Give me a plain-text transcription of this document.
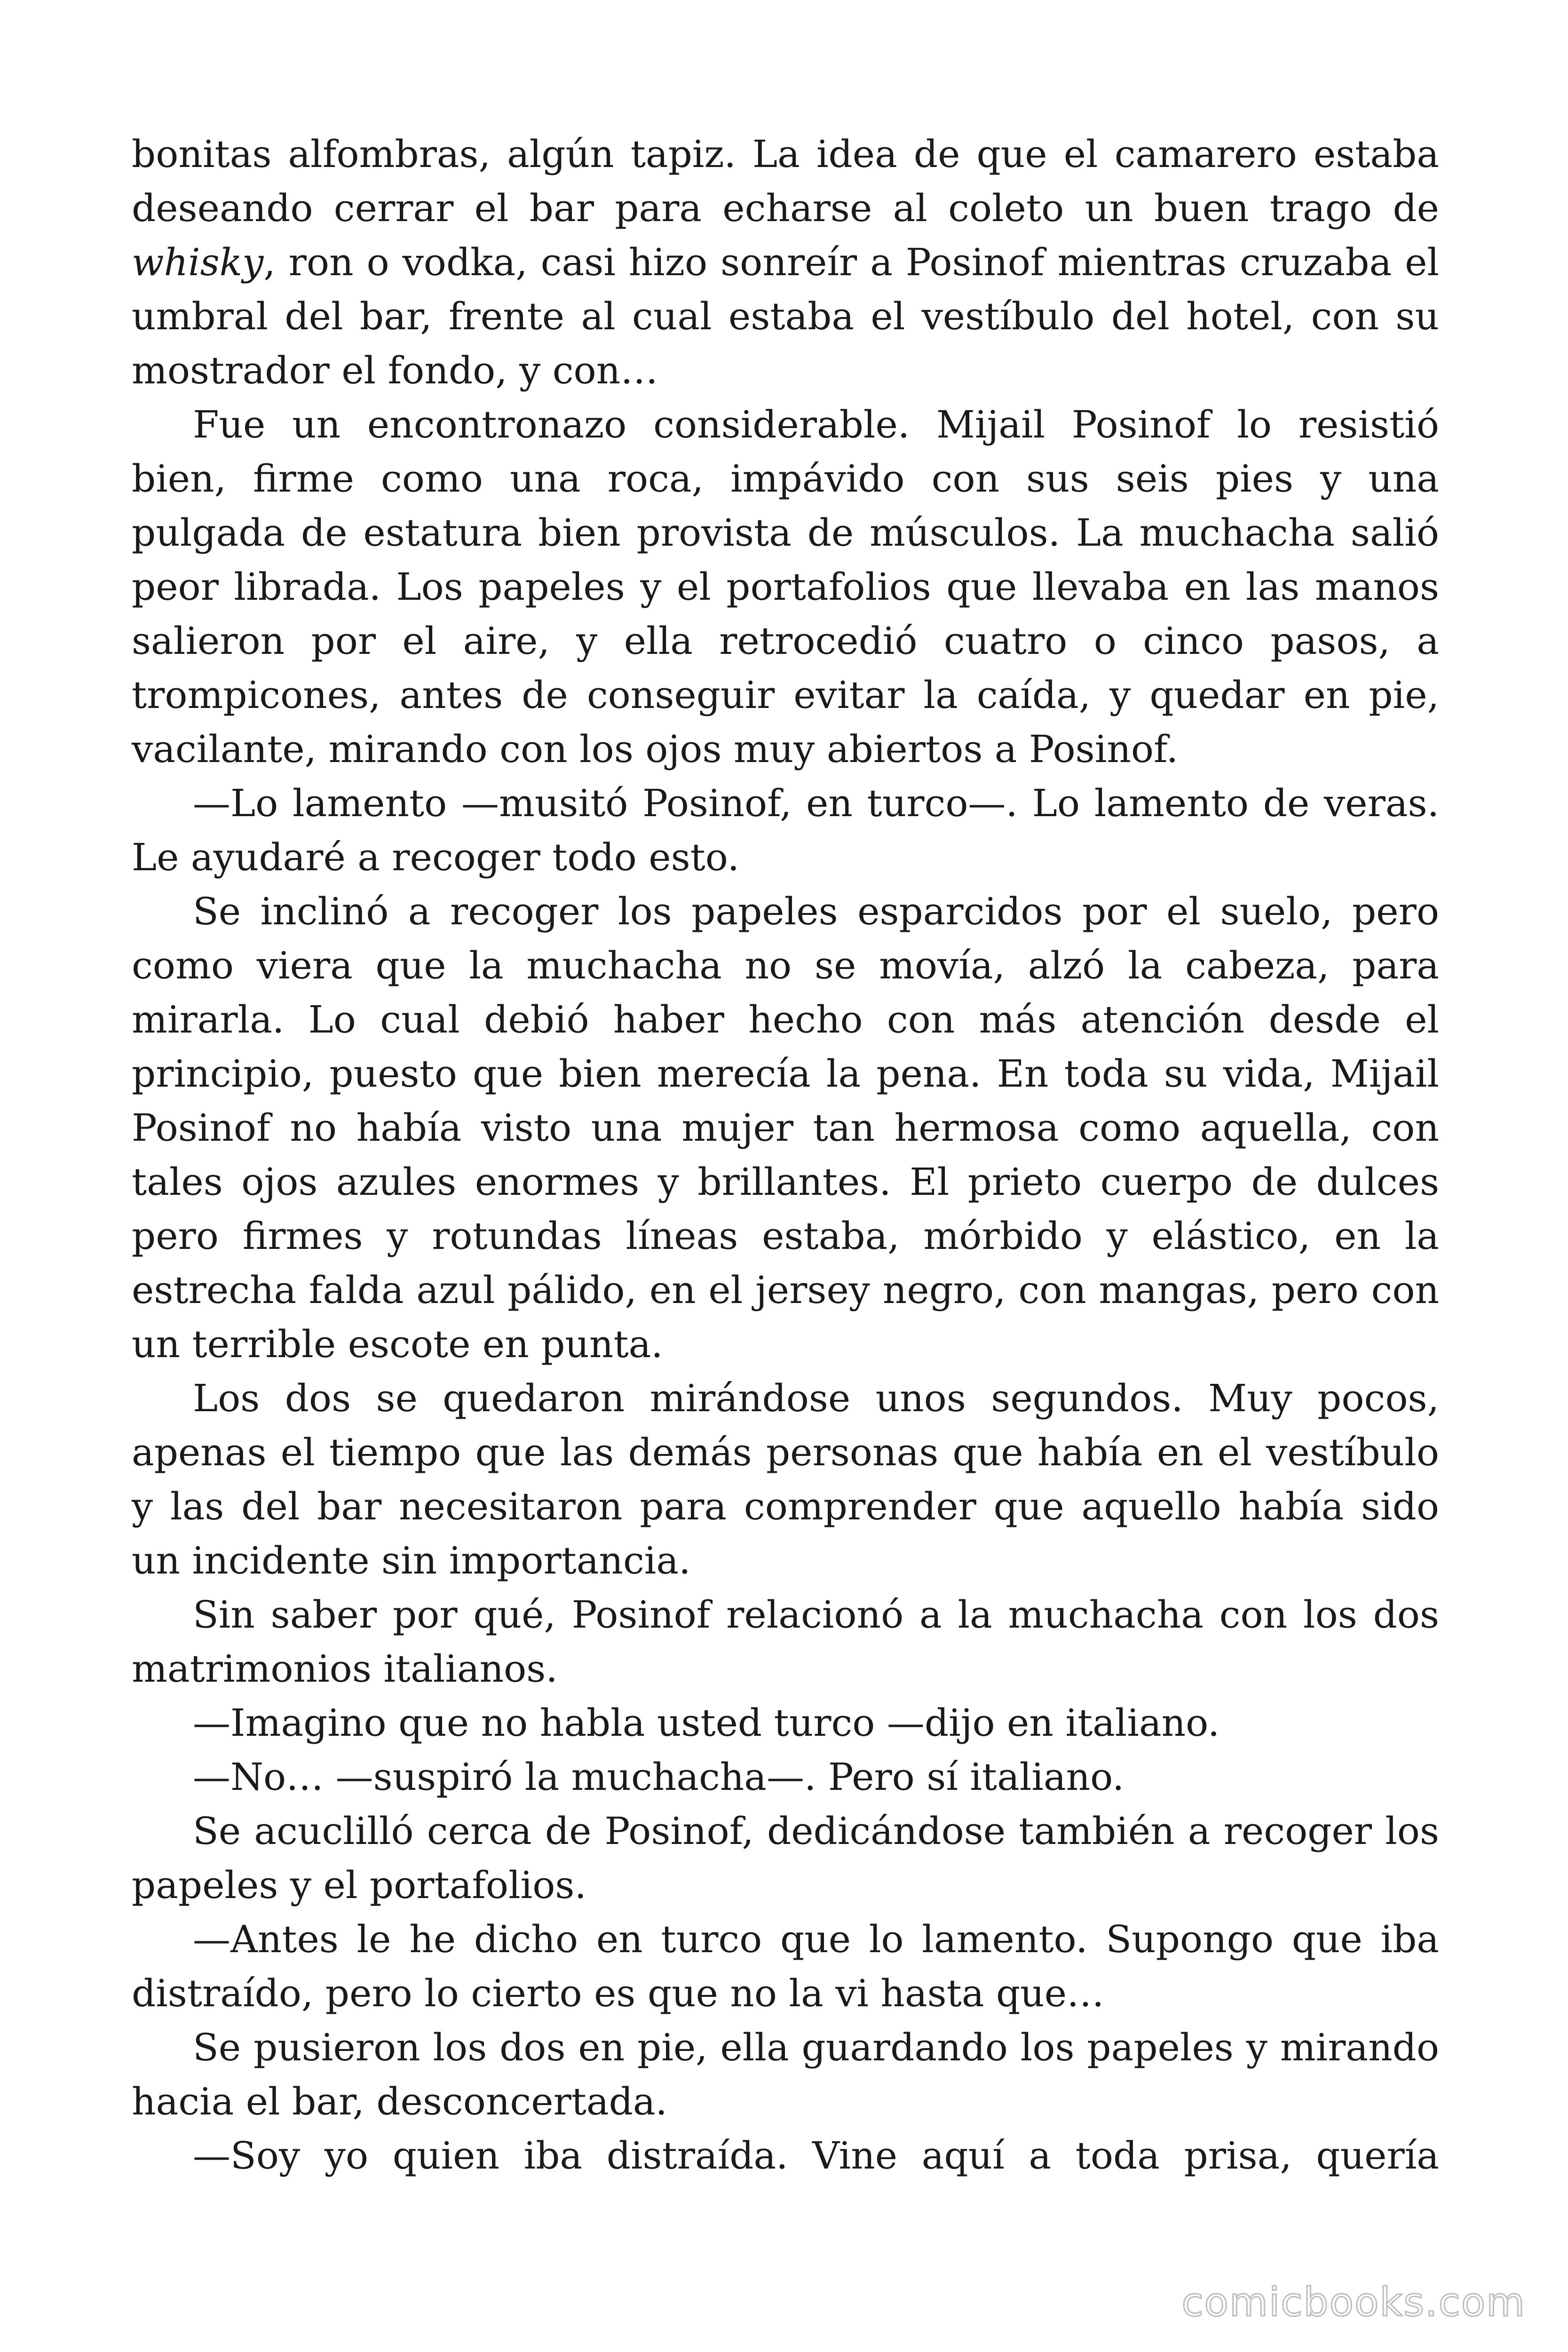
bonitas alfombras, algún tapiz. La idea de que el camarero estaba deseando cerrar el bar para echarse al coleto un buen trago de whisky, ron o vodka, casi hizo sonreír a Posinof mientras cruzaba el umbral del bar, frente al cual estaba el vestíbulo del hotel, con su mostrador el fondo, y con…

Fue un encontronazo considerable. Mijail Posinof lo resistió bien, firme como una roca, impávido con sus seis pies y una pulgada de estatura bien provista de músculos. La muchacha salió peor librada. Los papeles y el portafolios que llevaba en las manos salieron por el aire, y ella retrocedió cuatro o cinco pasos, a trompicones, antes de conseguir evitar la caída, y quedar en pie, vacilante, mirando con los ojos muy abiertos a Posinof.

—Lo lamento —musitó Posinof, en turco—. Lo lamento de veras. Le ayudaré a recoger todo esto.

Se inclinó a recoger los papeles esparcidos por el suelo, pero como viera que la muchacha no se movía, alzó la cabeza, para mirarla. Lo cual debió haber hecho con más atención desde el principio, puesto que bien merecía la pena. En toda su vida, Mijail Posinof no había visto una mujer tan hermosa como aquella, con tales ojos azules enormes y brillantes. El prieto cuerpo de dulces pero firmes y rotundas líneas estaba, mórbido y elástico, en la estrecha falda azul pálido, en el jersey negro, con mangas, pero con un terrible escote en punta.

Los dos se quedaron mirándose unos segundos. Muy pocos, apenas el tiempo que las demás personas que había en el vestíbulo y las del bar necesitaron para comprender que aquello había sido un incidente sin importancia.

Sin saber por qué, Posinof relacionó a la muchacha con los dos matrimonios italianos.

—Imagino que no habla usted turco —dijo en italiano.

—No… —suspiró la muchacha—. Pero sí italiano.

Se acuclilló cerca de Posinof, dedicándose también a recoger los papeles y el portafolios.

—Antes le he dicho en turco que lo lamento. Supongo que iba distraído, pero lo cierto es que no la vi hasta que…

Se pusieron los dos en pie, ella guardando los papeles y mirando hacia el bar, desconcertada.

—Soy yo quien iba distraída. Vine aquí a toda prisa, quería

comicbooks.com
